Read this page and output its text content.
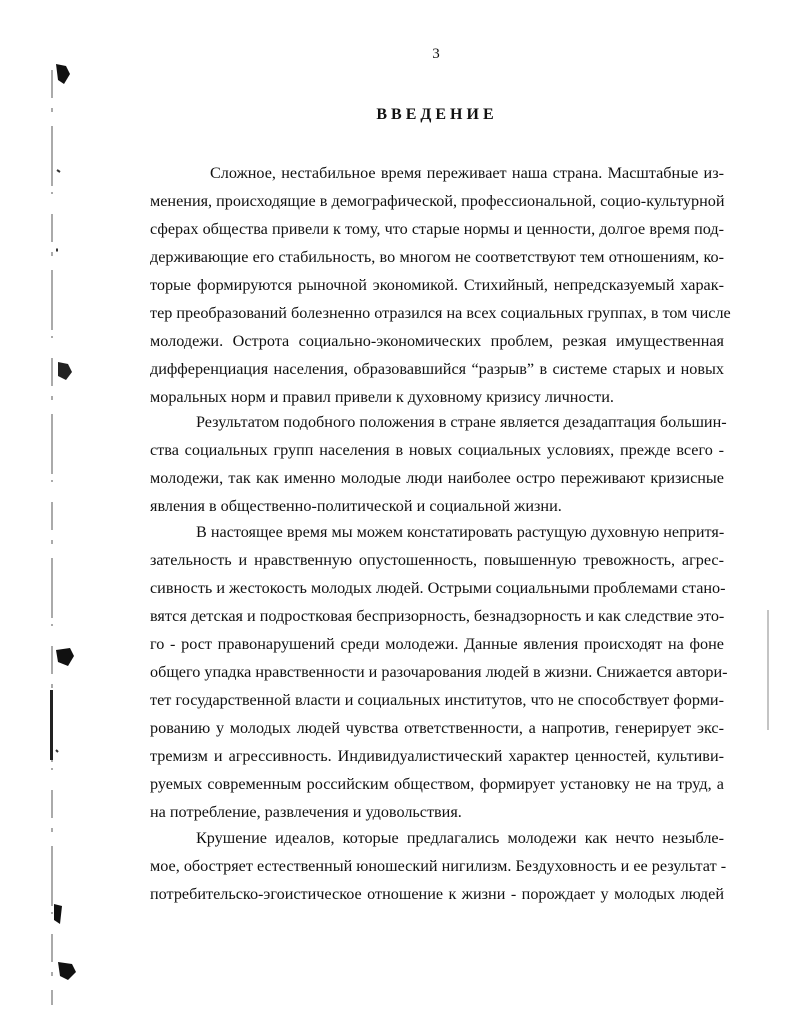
3
ВВЕДЕНИЕ
Сложное, нестабильное время переживает наша страна. Масштабные из-
менения, происходящие в демографической, профессиональной, социо-культурной
сферах общества привели к тому, что старые нормы и ценности, долгое время под-
держивающие его стабильность, во многом не соответствуют тем отношениям, ко-
торые формируются рыночной экономикой. Стихийный, непредсказуемый харак-
тер преобразований болезненно отразился на всех социальных группах, в том числе
молодежи. Острота социально-экономических проблем, резкая имущественная
дифференциация населения, образовавшийся “разрыв” в системе старых и новых
моральных норм и правил привели к духовному кризису личности.
Результатом подобного положения в стране является дезадаптация большин-
ства социальных групп населения в новых социальных условиях, прежде всего -
молодежи, так как именно молодые люди наиболее остро переживают кризисные
явления в общественно-политической и социальной жизни.
В настоящее время мы можем констатировать растущую духовную непритя-
зательность и нравственную опустошенность, повышенную тревожность, агрес-
сивность и жестокость молодых людей. Острыми социальными проблемами стано-
вятся детская и подростковая беспризорность, безнадзорность и как следствие это-
го - рост правонарушений среди молодежи. Данные явления происходят на фоне
общего упадка нравственности и разочарования людей в жизни. Снижается автори-
тет государственной власти и социальных институтов, что не способствует форми-
рованию у молодых людей чувства ответственности, а напротив, генерирует экс-
тремизм и агрессивность. Индивидуалистический характер ценностей, культиви-
руемых современным российским обществом, формирует установку не на труд, а
на потребление, развлечения и удовольствия.
Крушение идеалов, которые предлагались молодежи как нечто незыбле-
мое, обостряет естественный юношеский нигилизм. Бездуховность и ее результат -
потребительско-эгоистическое отношение к жизни - порождает у молодых людей
